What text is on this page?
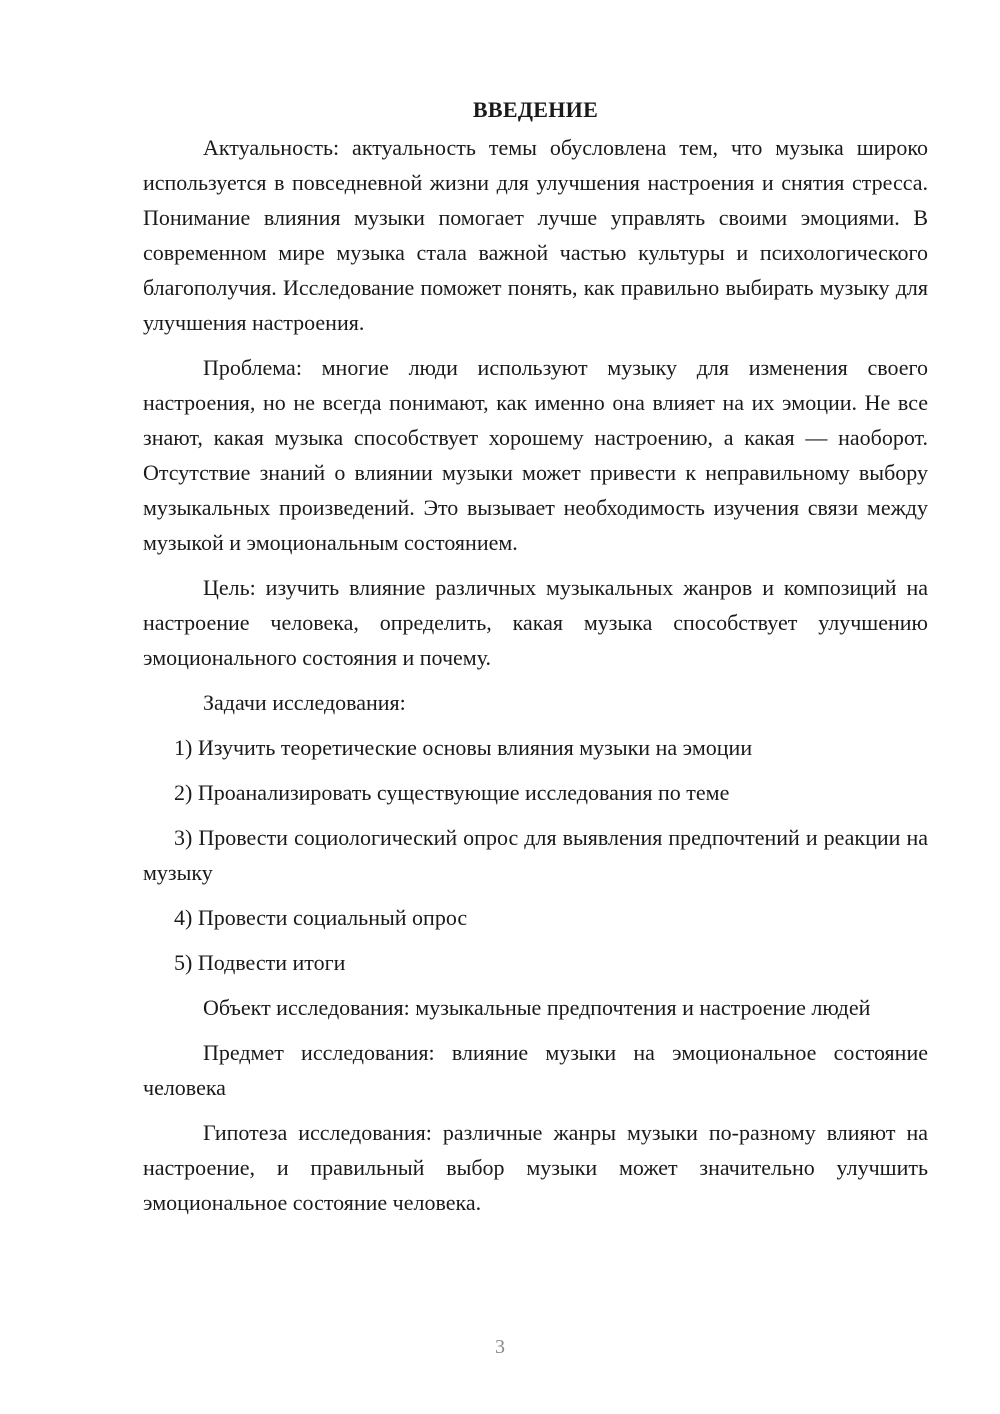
ВВЕДЕНИЕ

Актуальность: актуальность темы обусловлена тем, что музыка широко используется в повседневной жизни для улучшения настроения и снятия стресса. Понимание влияния музыки помогает лучше управлять своими эмоциями. В современном мире музыка стала важной частью культуры и психологического благополучия. Исследование поможет понять, как правильно выбирать музыку для улучшения настроения.

Проблема: многие люди используют музыку для изменения своего настроения, но не всегда понимают, как именно она влияет на их эмоции. Не все знают, какая музыка способствует хорошему настроению, а какая — наоборот. Отсутствие знаний о влиянии музыки может привести к неправильному выбору музыкальных произведений. Это вызывает необходимость изучения связи между музыкой и эмоциональным состоянием.

Цель: изучить влияние различных музыкальных жанров и композиций на настроение человека, определить, какая музыка способствует улучшению эмоционального состояния и почему.

Задачи исследования:

1) Изучить теоретические основы влияния музыки на эмоции

2) Проанализировать существующие исследования по теме

3) Провести социологический опрос для выявления предпочтений и реакции на музыку

4) Провести социальный опрос

5) Подвести итоги

Объект исследования: музыкальные предпочтения и настроение людей

Предмет исследования: влияние музыки на эмоциональное состояние человека

Гипотеза исследования: различные жанры музыки по-разному влияют на настроение, и правильный выбор музыки может значительно улучшить эмоциональное состояние человека.

3
